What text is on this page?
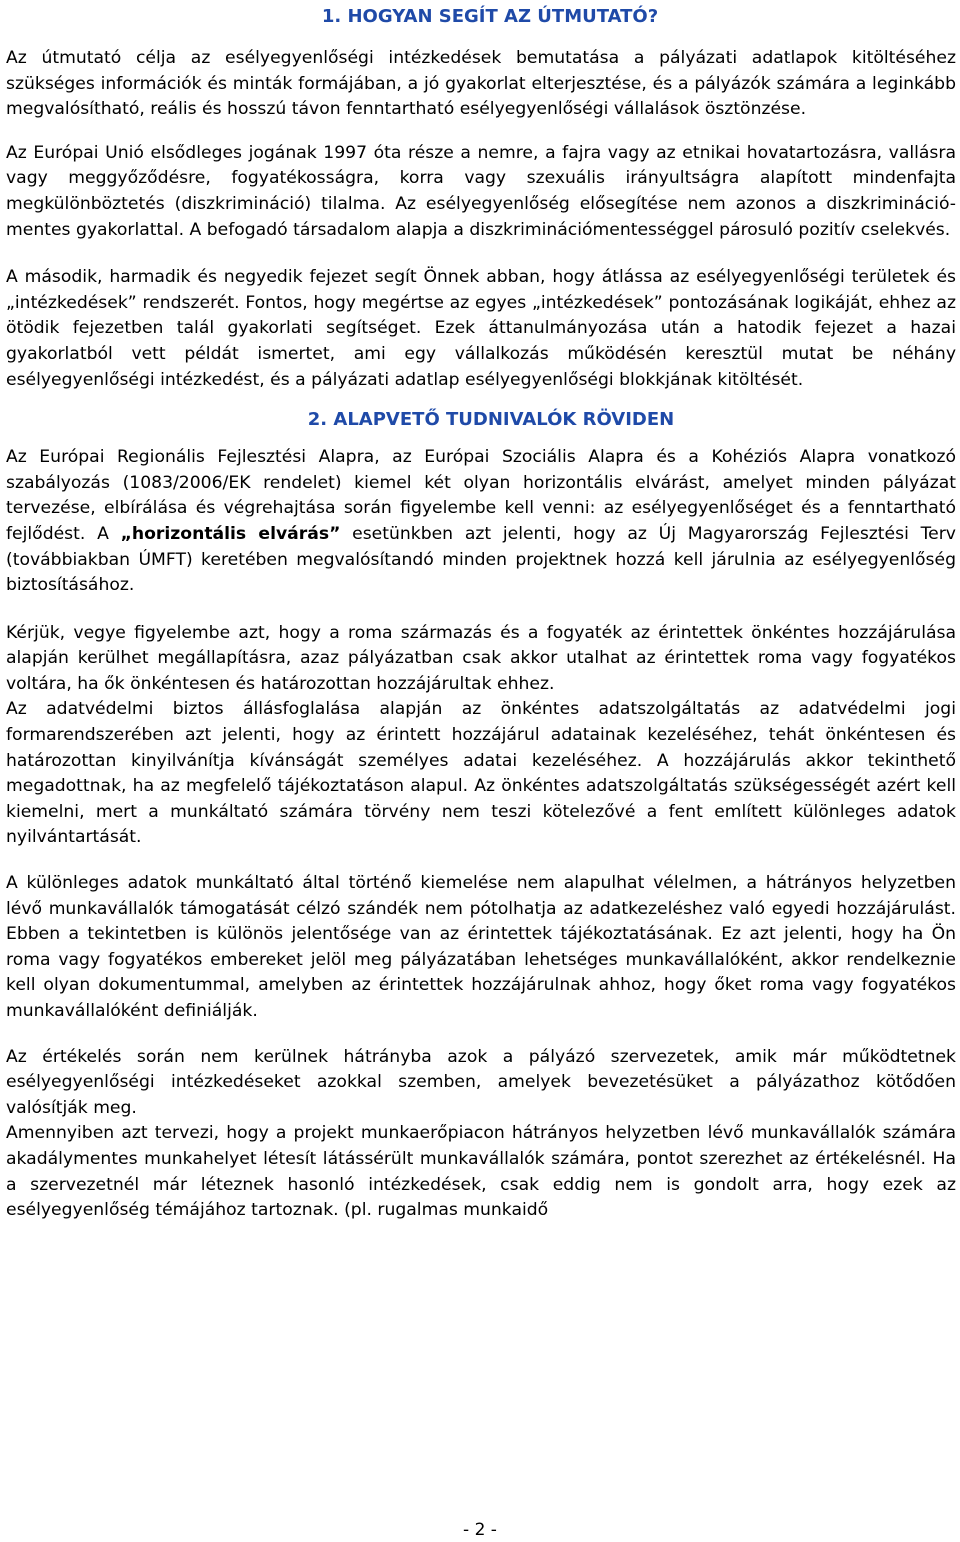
1. HOGYAN SEGÍT AZ ÚTMUTATÓ?

Az útmutató célja az esélyegyenlőségi intézkedések bemutatása a pályázati adatlapok kitöltéséhez szükséges információk és minták formájában, a jó gyakorlat elterjesztése, és a pályázók számára a leginkább megvalósítható, reális és hosszú távon fenntartható esélyegyenlőségi vállalások ösztönzése.

Az Európai Unió elsődleges jogának 1997 óta része a nemre, a fajra vagy az etnikai hovatartozásra, vallásra vagy meggyőződésre, fogyatékosságra, korra vagy szexuális irányultságra alapított mindenfajta megkülönböztetés (diszkrimináció) tilalma. Az esélyegyenlőség elősegítése nem azonos a diszkrimináció-mentes gyakorlattal. A befogadó társadalom alapja a diszkriminációmentességgel párosuló pozitív cselekvés.

A második, harmadik és negyedik fejezet segít Önnek abban, hogy átlássa az esélyegyenlőségi területek és „intézkedések” rendszerét. Fontos, hogy megértse az egyes „intézkedések” pontozásának logikáját, ehhez az ötödik fejezetben talál gyakorlati segítséget. Ezek áttanulmányozása után a hatodik fejezet a hazai gyakorlatból vett példát ismertet, ami egy vállalkozás működésén keresztül mutat be néhány esélyegyenlőségi intézkedést, és a pályázati adatlap esélyegyenlőségi blokkjának kitöltését.

2. ALAPVETŐ TUDNIVALÓK RÖVIDEN

Az Európai Regionális Fejlesztési Alapra, az Európai Szociális Alapra és a Kohéziós Alapra vonatkozó szabályozás (1083/2006/EK rendelet) kiemel két olyan horizontális elvárást, amelyet minden pályázat tervezése, elbírálása és végrehajtása során figyelembe kell venni: az esélyegyenlőséget és a fenntartható fejlődést. A „horizontális elvárás” esetünkben azt jelenti, hogy az Új Magyarország Fejlesztési Terv (továbbiakban ÚMFT) keretében megvalósítandó minden projektnek hozzá kell járulnia az esélyegyenlőség biztosításához.

Kérjük, vegye figyelembe azt, hogy a roma származás és a fogyaték az érintettek önkéntes hozzájárulása alapján kerülhet megállapításra, azaz pályázatban csak akkor utalhat az érintettek roma vagy fogyatékos voltára, ha ők önkéntesen és határozottan hozzájárultak ehhez.

Az adatvédelmi biztos állásfoglalása alapján az önkéntes adatszolgáltatás az adatvédelmi jogi formarendszerében azt jelenti, hogy az érintett hozzájárul adatainak kezeléséhez, tehát önkéntesen és határozottan kinyilvánítja kívánságát személyes adatai kezeléséhez. A hozzájárulás akkor tekinthető megadottnak, ha az megfelelő tájékoztatáson alapul. Az önkéntes adatszolgáltatás szükségességét azért kell kiemelni, mert a munkáltató számára törvény nem teszi kötelezővé a fent említett különleges adatok nyilvántartását.

A különleges adatok munkáltató által történő kiemelése nem alapulhat vélelmen, a hátrányos helyzetben lévő munkavállalók támogatását célzó szándék nem pótolhatja az adatkezeléshez való egyedi hozzájárulást. Ebben a tekintetben is különös jelentősége van az érintettek tájékoztatásának. Ez azt jelenti, hogy ha Ön roma vagy fogyatékos embereket jelöl meg pályázatában lehetséges munkavállalóként, akkor rendelkeznie kell olyan dokumentummal, amelyben az érintettek hozzájárulnak ahhoz, hogy őket roma vagy fogyatékos munkavállalóként definiálják.

Az értékelés során nem kerülnek hátrányba azok a pályázó szervezetek, amik már működtetnek esélyegyenlőségi intézkedéseket azokkal szemben, amelyek bevezetésüket a pályázathoz kötődően valósítják meg.

Amennyiben azt tervezi, hogy a projekt munkaerőpiacon hátrányos helyzetben lévő munkavállalók számára akadálymentes munkahelyet létesít látássérült munkavállalók számára, pontot szerezhet az értékelésnél. Ha a szervezetnél már léteznek hasonló intézkedések, csak eddig nem is gondolt arra, hogy ezek az esélyegyenlőség témájához tartoznak. (pl. rugalmas munkaidő

- 2 -
